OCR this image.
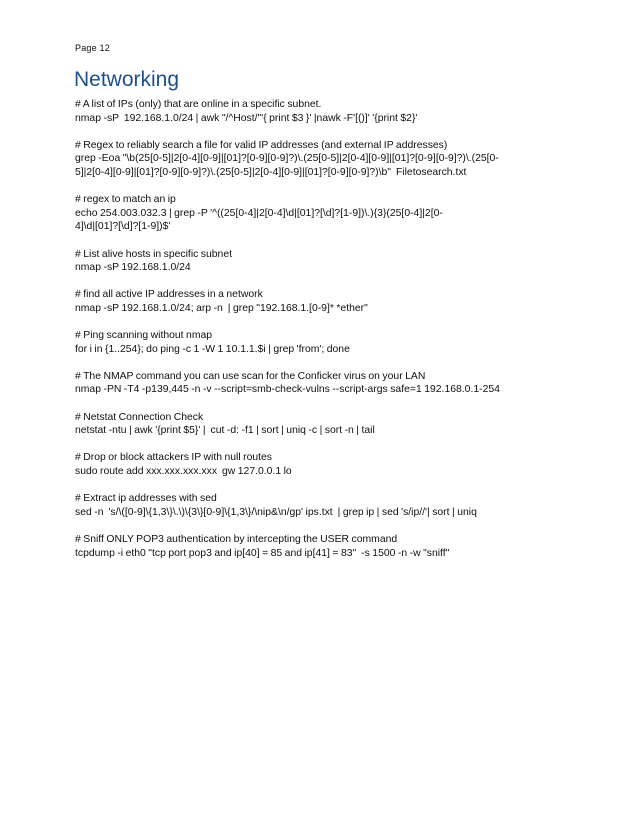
Page 12
Networking
# A list of IPs (only) that are online in a specific subnet.
nmap -sP  192.168.1.0/24 | awk "/^Host/"'{ print $3 }' |nawk -F'[()]' '{print $2}'
# Regex to reliably search a file for valid IP addresses (and external IP addresses)
grep -Eoa "\b(25[0-5]|2[0-4][0-9]|[01]?[0-9][0-9]?)\.(25[0-5]|2[0-4][0-9]|[01]?[0-9][0-9]?)\.(25[0-
5]|2[0-4][0-9]|[01]?[0-9][0-9]?)\.(25[0-5]|2[0-4][0-9]|[01]?[0-9][0-9]?)\b"  Filetosearch.txt
# regex to match an ip
echo 254.003.032.3 | grep -P '^((25[0-4]|2[0-4]\d|[01]?[\d]?[1-9])\.){3}(25[0-4]|2[0-
4]\d|[01]?[\d]?[1-9])$'
# List alive hosts in specific subnet
nmap -sP 192.168.1.0/24
# find all active IP addresses in a network
nmap -sP 192.168.1.0/24; arp -n  | grep "192.168.1.[0-9]* *ether"
# Ping scanning without nmap
for i in {1..254}; do ping -c 1 -W 1 10.1.1.$i | grep 'from'; done
# The NMAP command you can use scan for the Conficker virus on your LAN
nmap -PN -T4 -p139,445 -n -v --script=smb-check-vulns --script-args safe=1 192.168.0.1-254
# Netstat Connection Check
netstat -ntu | awk '{print $5}' |  cut -d: -f1 | sort | uniq -c | sort -n | tail
# Drop or block attackers IP with null routes
sudo route add xxx.xxx.xxx.xxx  gw 127.0.0.1 lo
# Extract ip addresses with sed
sed -n  's/\([0-9]\{1,3\}\.\)\{3\}[0-9]\{1,3\}/\nip&\n/gp' ips.txt  | grep ip | sed 's/ip//'| sort | uniq
# Sniff ONLY POP3 authentication by intercepting the USER command
tcpdump -i eth0 "tcp port pop3 and ip[40] = 85 and ip[41] = 83"  -s 1500 -n -w "sniff"
